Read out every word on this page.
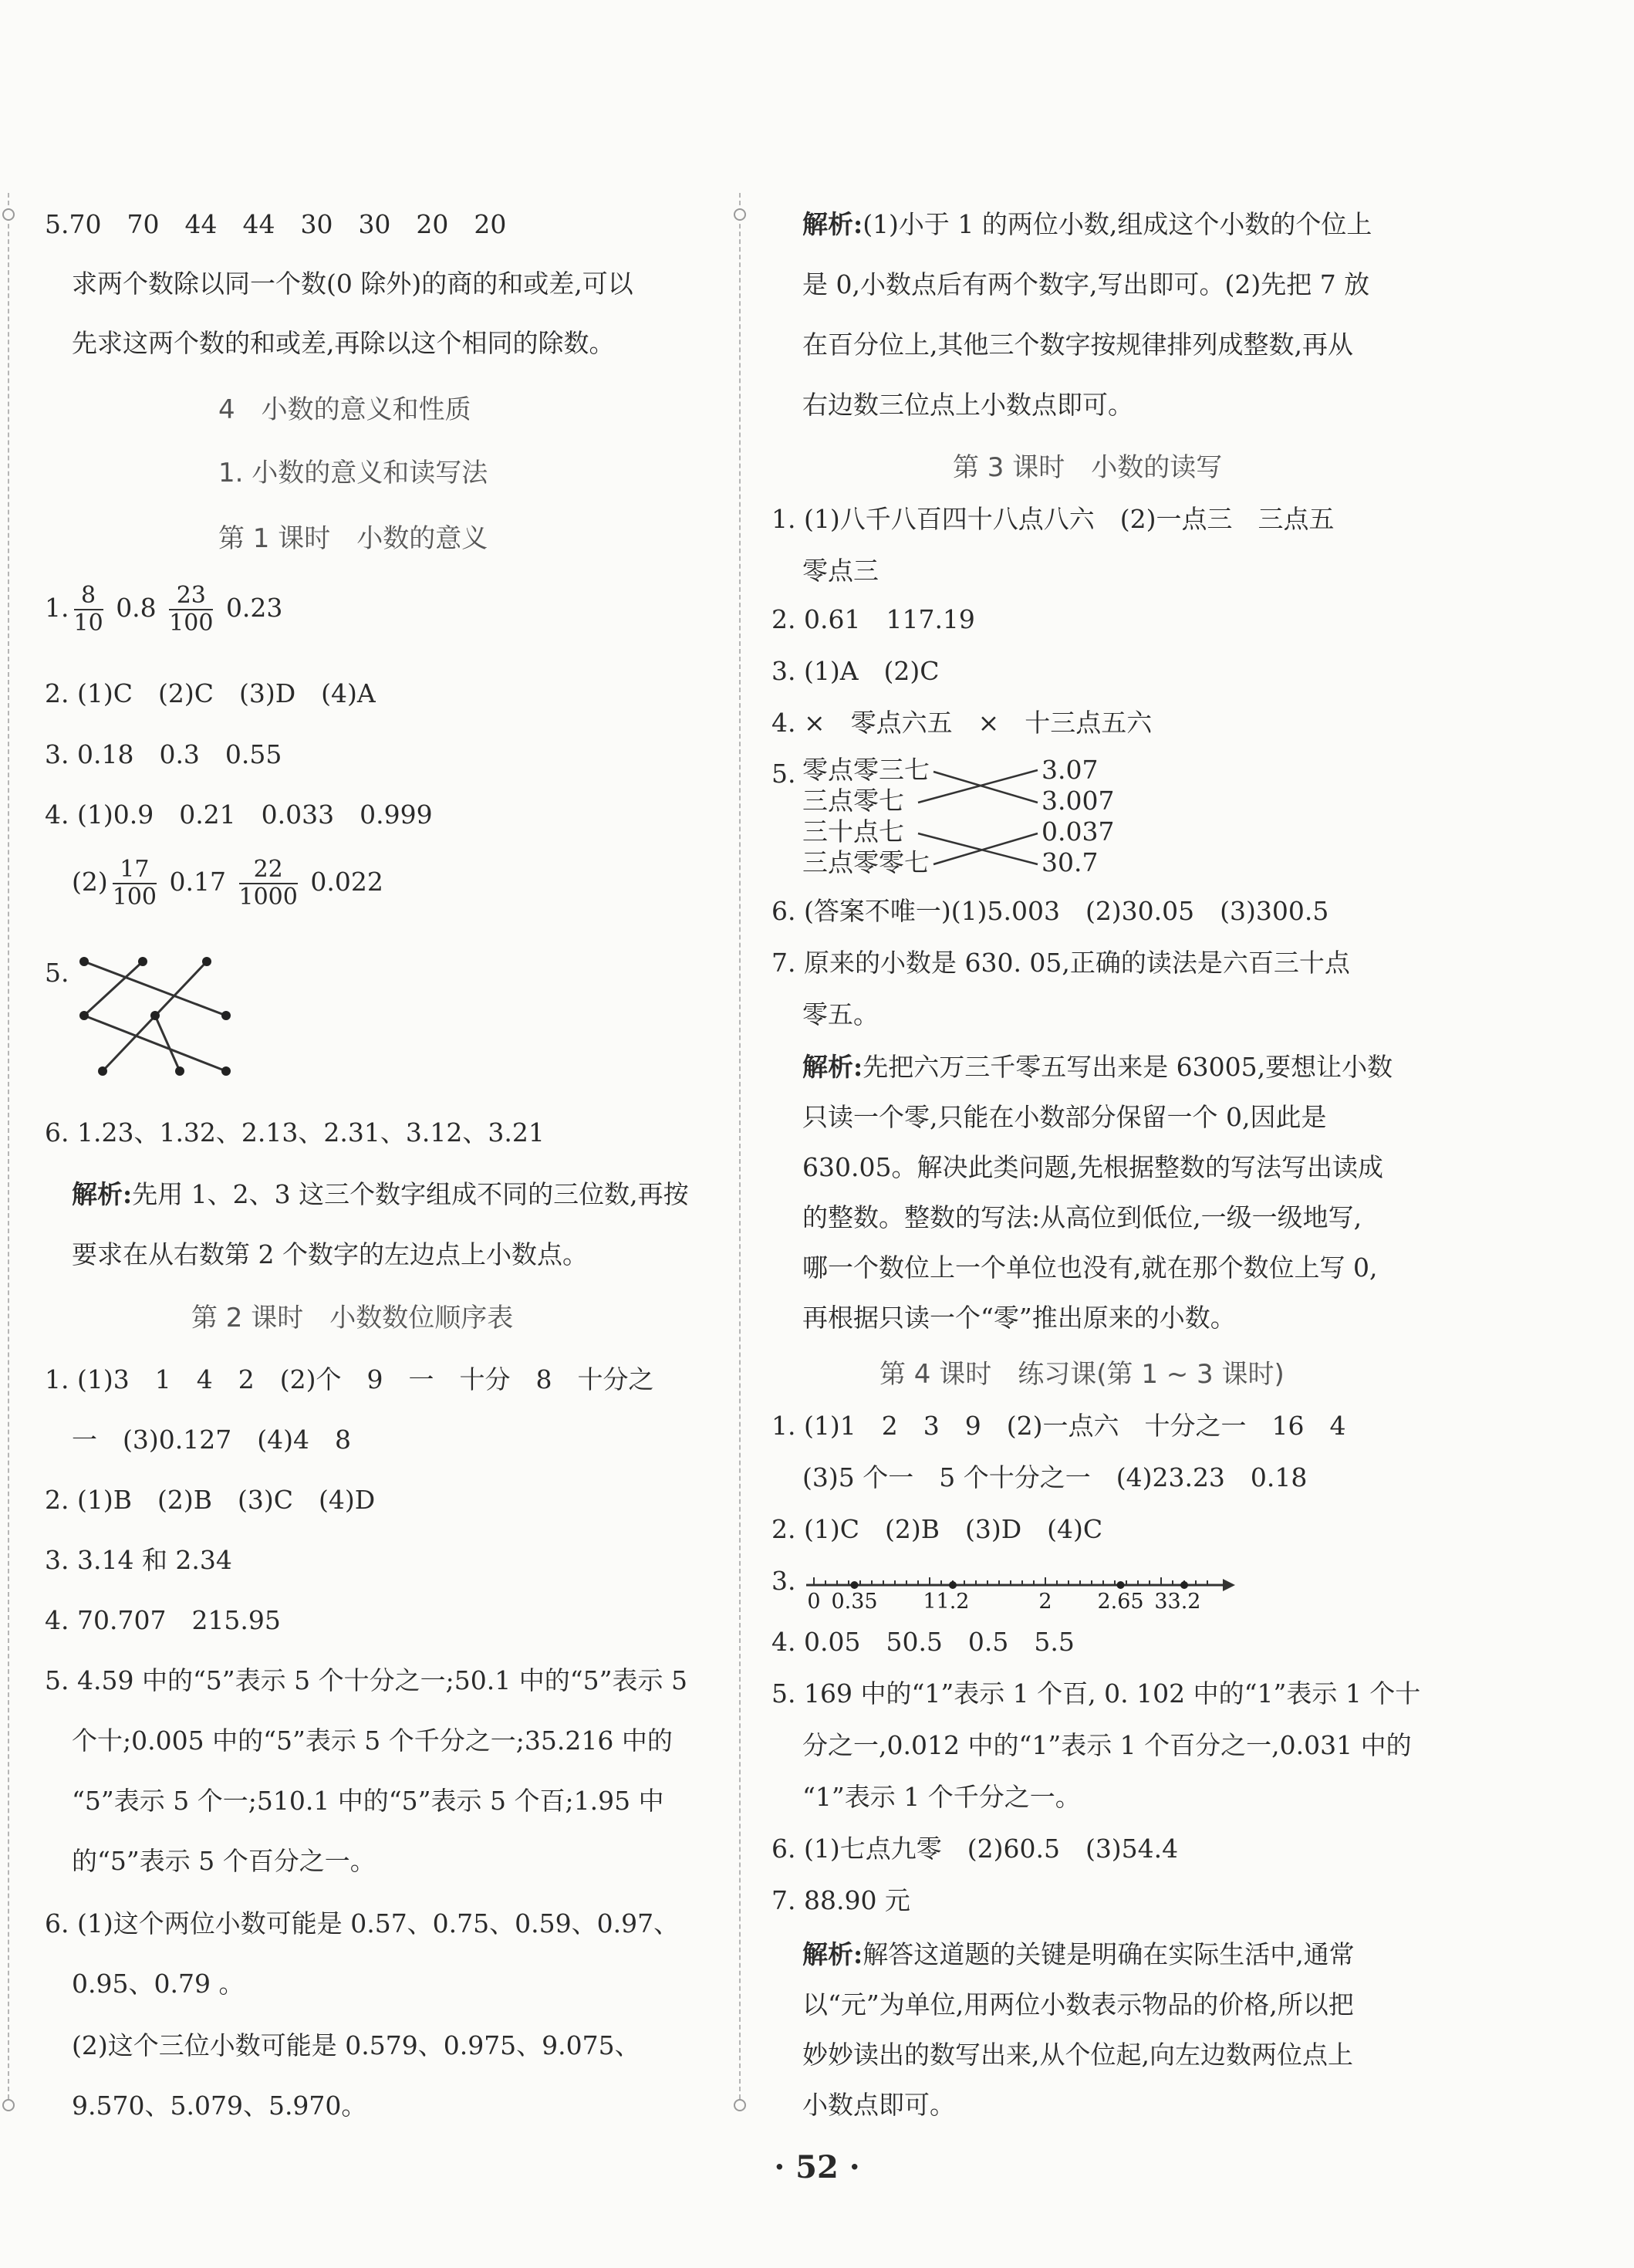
5.70　70　44　44　30　30　20　20
求两个数除以同一个数(0 除外)的商的和或差,可以
先求这两个数的和或差,再除以这个相同的除数。
4　小数的意义和性质
1. 小数的意义和读写法
第 1 课时　小数的意义
1. $\frac{8}{10} 0.8 \frac{23}{100} 0.23$
2. (1)C　(2)C　(3)D　(4)A
3. 0.18　0.3　0.55
4. (1)0.9　0.21　0.033　0.999
$(2) \frac{17}{100} 0.17 \frac{22}{1000} 0.022$
5.
6. 1.23、1.32、2.13、2.31、3.12、3.21
解析:先用 1、2、3 这三个数字组成不同的三位数,再按
要求在从右数第 2 个数字的左边点上小数点。
第 2 课时　小数数位顺序表
1. (1)3　1　4　2　(2)个　9　一　十分　8　十分之
一　(3)0.127　(4)4　8
2. (1)B　(2)B　(3)C　(4)D
3. 3.14 和 2.34
4. 70.707　215.95
5. 4.59 中的“5”表示 5 个十分之一;50.1 中的“5”表示 5
个十;0.005 中的“5”表示 5 个千分之一;35.216 中的
“5”表示 5 个一;510.1 中的“5”表示 5 个百;1.95 中
的“5”表示 5 个百分之一。
6. (1)这个两位小数可能是 0.57、0.75、0.59、0.97、
0.95、0.79 。
(2)这个三位小数可能是 0.579、0.975、9.075、
9.570、5.079、5.970。
解析:(1)小于 1 的两位小数,组成这个小数的个位上
是 0,小数点后有两个数字,写出即可。(2)先把 7 放
在百分位上,其他三个数字按规律排列成整数,再从
右边数三位点上小数点即可。
第 3 课时　小数的读写
1. (1)八千八百四十八点八六　(2)一点三　三点五
零点三
2. 0.61　117.19
3. (1)A　(2)C
4. ×　零点六五　×　十三点五六
5. 零点零三七
三点零七
三十点七
三点零零七
3.07
3.007
0.037
30.7
6. (答案不唯一)(1)5.003　(2)30.05　(3)300.5
7. 原来的小数是 630. 05,正确的读法是六百三十点
零五。
解析:先把六万三千零五写出来是 63005,要想让小数
只读一个零,只能在小数部分保留一个 0,因此是
630.05。解决此类问题,先根据整数的写法写出读成
的整数。整数的写法:从高位到低位,一级一级地写,
哪一个数位上一个单位也没有,就在那个数位上写 0,
再根据只读一个“零”推出原来的小数。
第 4 课时　练习课(第 1 ~ 3 课时)
1. (1)1　2　3　9　(2)一点六　十分之一　16　4
(3)5 个一　5 个十分之一　(4)23.23　0.18
2. (1)C　(2)B　(3)D　(4)C
3.
0 0.35 1 1.2	2 2.65 3 3.2
4. 0.05　50.5　0.5　5.5
5. 169 中的“1”表示 1 个百, 0. 102 中的“1”表示 1 个十
分之一,0.012 中的“1”表示 1 个百分之一,0.031 中的
“1”表示 1 个千分之一。
6. (1)七点九零　(2)60.5　(3)54.4
7. 88.90 元
解析:解答这道题的关键是明确在实际生活中,通常
以“元”为单位,用两位小数表示物品的价格,所以把
妙妙读出的数写出来,从个位起,向左边数两位点上
小数点即可。
· 52 ·
